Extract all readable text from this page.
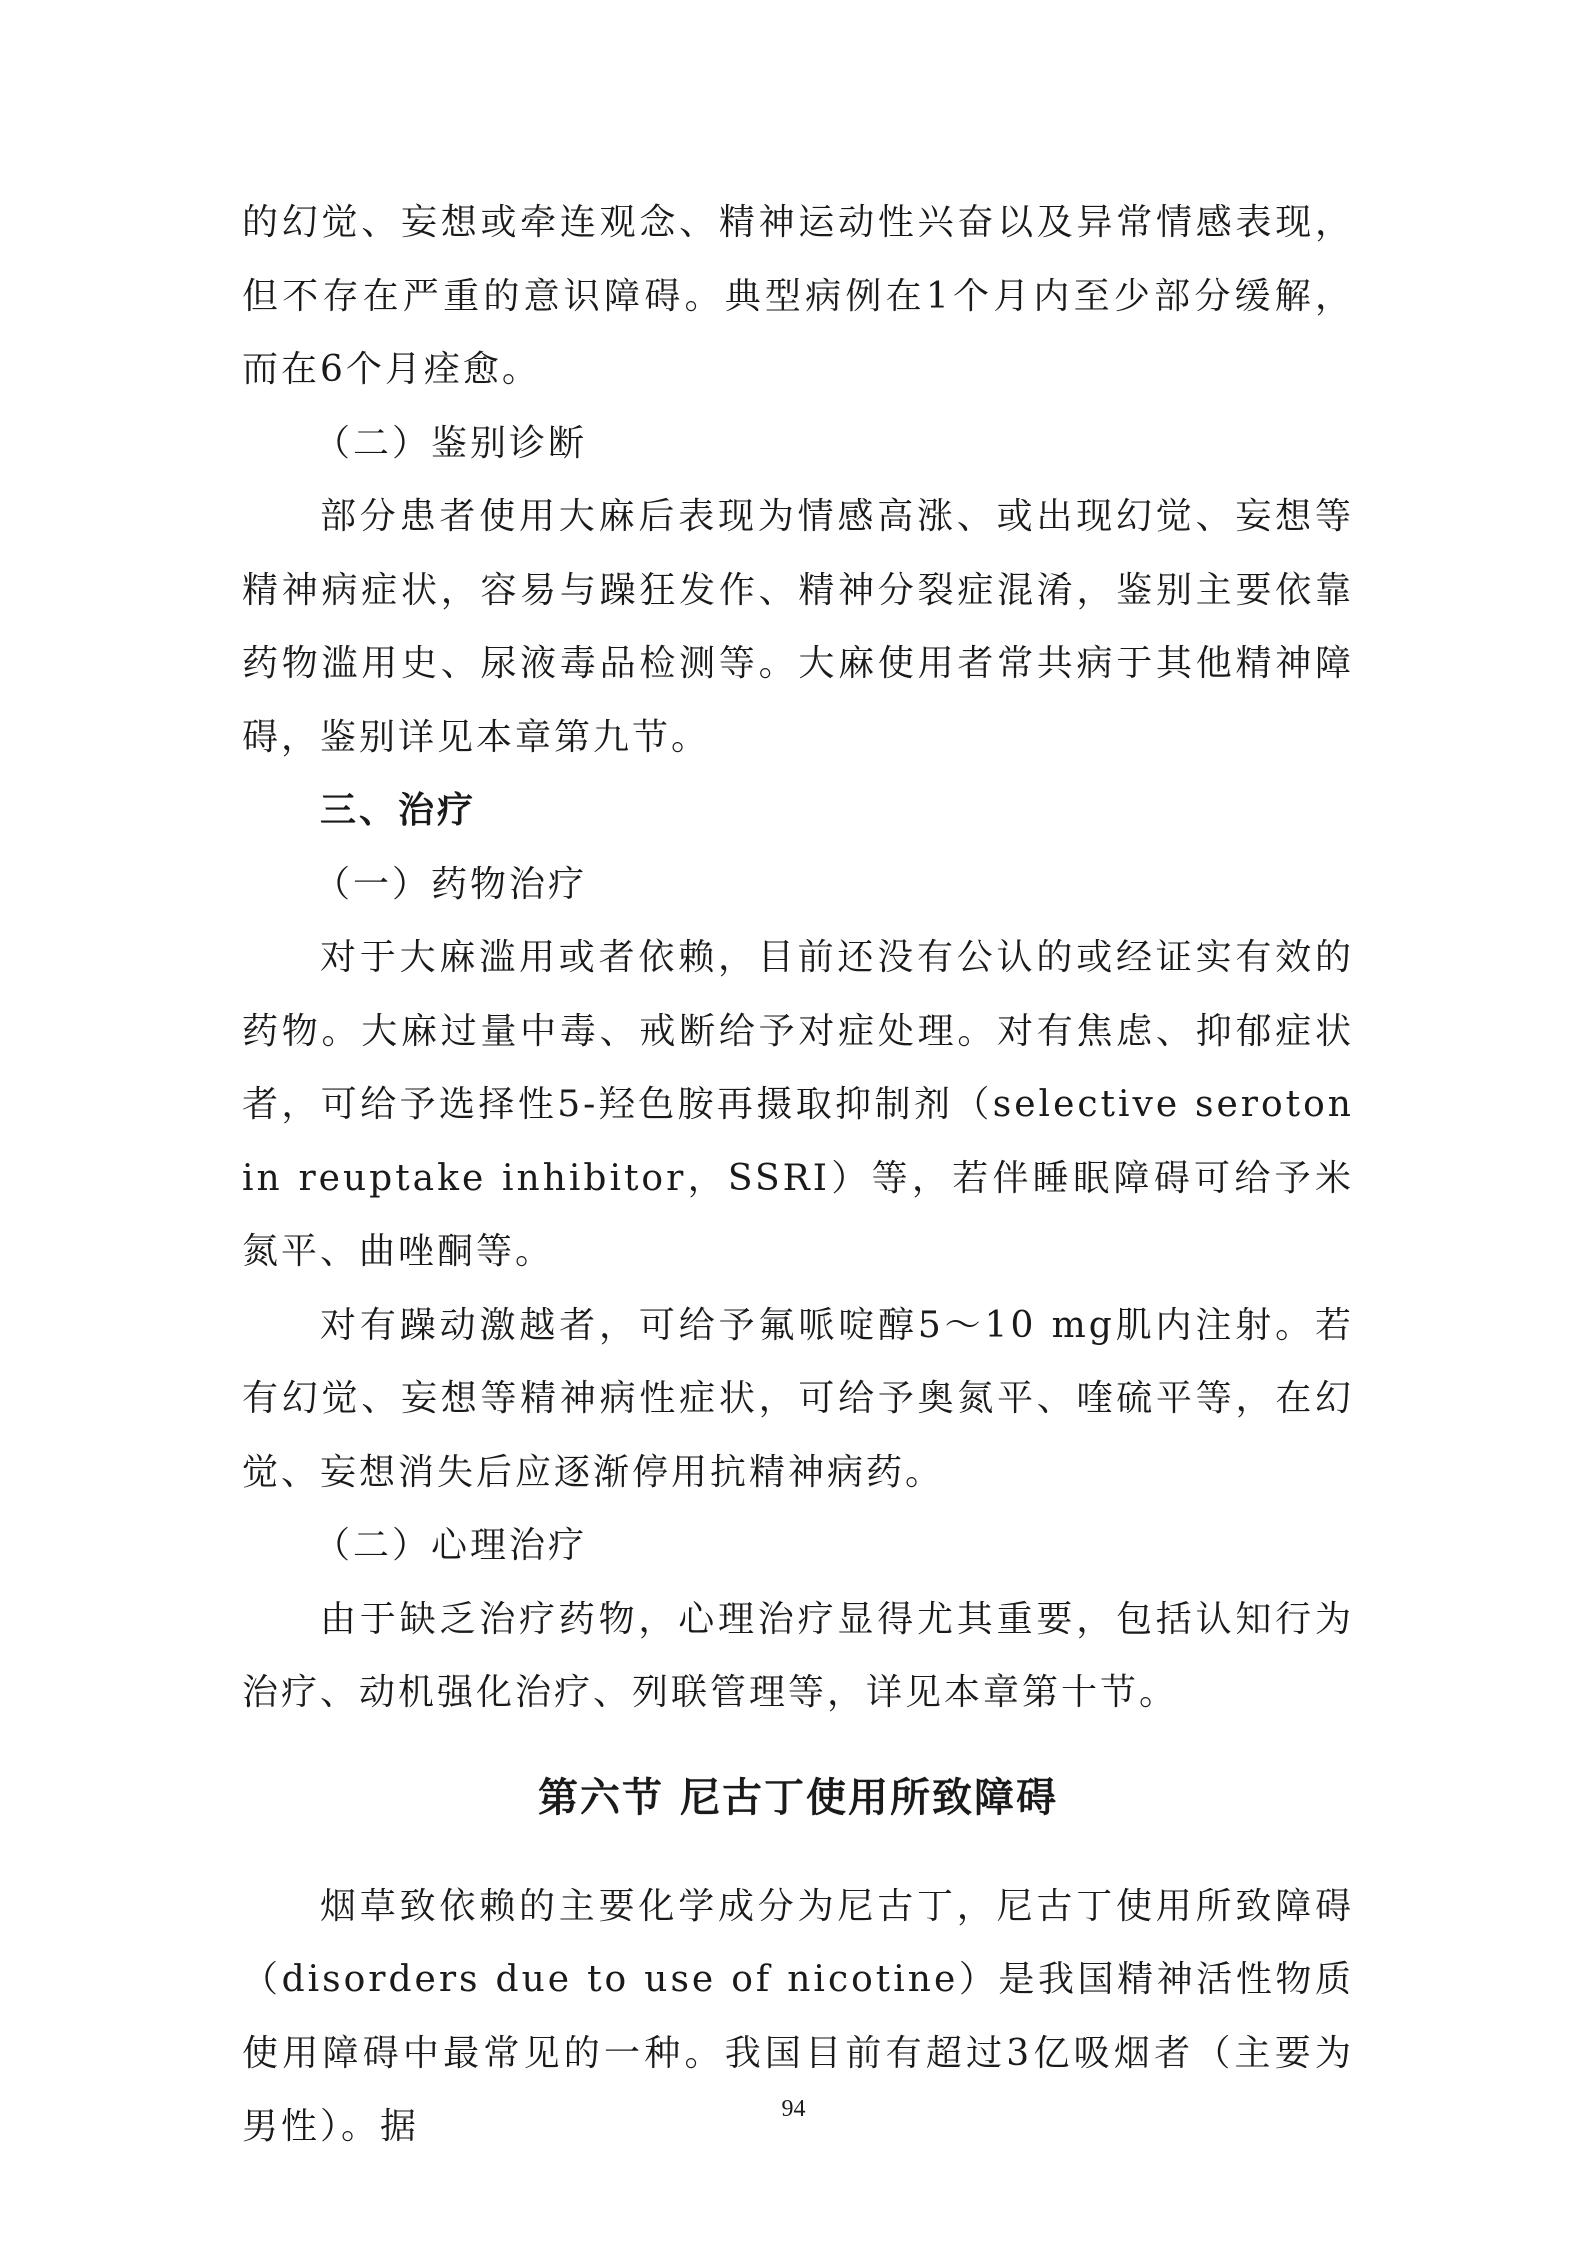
的幻觉、妄想或牵连观念、精神运动性兴奋以及异常情感表现，但不存在严重的意识障碍。典型病例在1个月内至少部分缓解，而在6个月痊愈。

（二）鉴别诊断

部分患者使用大麻后表现为情感高涨、或出现幻觉、妄想等精神病症状，容易与躁狂发作、精神分裂症混淆，鉴别主要依靠药物滥用史、尿液毒品检测等。大麻使用者常共病于其他精神障碍，鉴别详见本章第九节。

三、治疗

（一）药物治疗

对于大麻滥用或者依赖，目前还没有公认的或经证实有效的药物。大麻过量中毒、戒断给予对症处理。对有焦虑、抑郁症状者，可给予选择性5-羟色胺再摄取抑制剂（selective serotonin reuptake inhibitor，SSRI）等，若伴睡眠障碍可给予米氮平、曲唑酮等。

对有躁动激越者，可给予氟哌啶醇5～10 mg肌内注射。若有幻觉、妄想等精神病性症状，可给予奥氮平、喹硫平等，在幻觉、妄想消失后应逐渐停用抗精神病药。

（二）心理治疗

由于缺乏治疗药物，心理治疗显得尤其重要，包括认知行为治疗、动机强化治疗、列联管理等，详见本章第十节。

第六节 尼古丁使用所致障碍

烟草致依赖的主要化学成分为尼古丁，尼古丁使用所致障碍（disorders due to use of nicotine）是我国精神活性物质使用障碍中最常见的一种。我国目前有超过3亿吸烟者（主要为男性）。据	94
